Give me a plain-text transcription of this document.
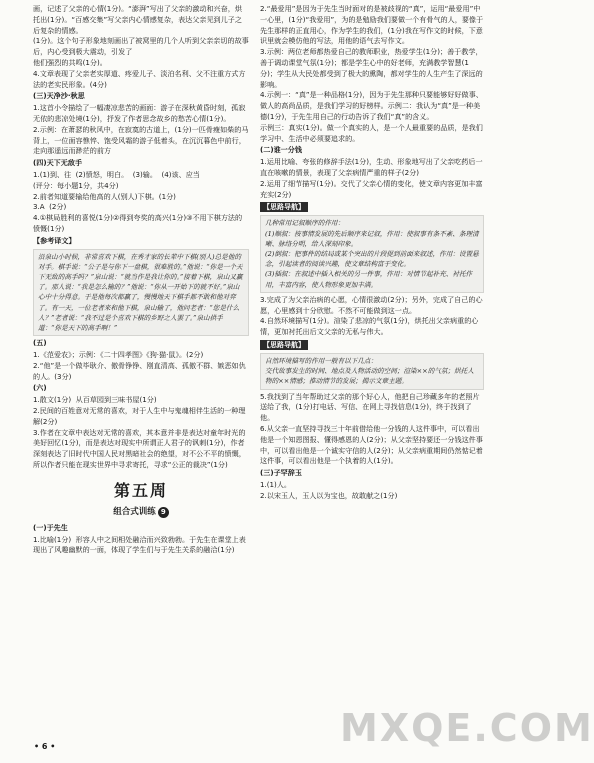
画，记述了父亲的心情(1分)。“澎湃”写出了父亲的激动和兴奋，烘托出(1分)。“百感交集”写父亲内心情感复杂，表达父亲见到儿子之后复杂的情感。

(1分)。这个句子形象地刻画出了被窝里的几个人听到父亲亲切的故事后，内心受到极大震动，引发了

他们强烈的共鸣(1分)。

4.文章表现了父亲老实厚道、疼爱儿子、淡泊名利、父不注重方式方法的老实民形象。(4分)

(三)天净沙·秋思

1.这首小令描绘了一幅凄凉悲苦的画面：游子在深秋黄昏时刻，孤寂无依的悲凉处境(1分)，抒发了作者思念故乡的愁苦心情(1分)。

2.示例：在萧瑟的秋风中，在寂寞的古道上，(1分)一匹骨瘦如柴的马背上，一位面容憔悴、饱受风霜的游子低着头，在沉沉暮色中前行，走向那遥远而渺茫的前方

(四)天下无敌手

1.(1)到、往  (2)愤怒，明白。  (3)输。  (4)该、应当

(评分：每小题1分，共4分)

2.前者知道要输给他高的人(别人)下棋。(1分)

3.A  (2分)

4.①棋局胜利的喜悦(1分)②得到夸奖的高兴(1分)③不用下棋方法的愤慨(1分)

【参考译文】

沿泉山小时候，非常喜欢下棋，在秀才家的长辈中下棋(别人)总是他的对手。棋手说：“公子是与你下一盘棋，很难胜的。”他说：“你是一个天下无敌的高手吗？”泉山说：“就当作是我让你的。”接着下棋，泉山又赢了。那人说：“我是怎么输的？”他说：“你从一开始下的就不好。”泉山心中十分得意。于是他每次都赢了，慢慢地天下棋手都不敢和他对弈了。有一天，一位老者来和他下棋，泉山输了，他问老者：“您是什么人？”老者说：“我不过是个喜欢下棋的乡野之人罢了。”泉山拱手道：“你是天下的高手啊！”

(五)

1.《范爱农》；示例：《二十四孝图》《狗·猫·鼠》。(2分)

2.“他”是一个做毕耿介、傲骨铮铮、刚直清高、孤傲不群、嫉恶如仇的人。(3分)

(六)

1.散文(1分)  从百草园到三味书屋(1分)

2.民间的百姓意对无常的喜欢，对于人生中与鬼魂相伴生活的一种理解(2分)

3.作者在文章中表达对无常的喜欢，其本意并非是表达对童年时光的美好回忆(1分)，而是表达对现实中所谓正人君子的讽刺(1分)，作者深刻表达了旧时代中国人民对黑暗社会的绝望，对不公不平的愤慨，所以作者只能在现实世界中寻求寄托，寻求“公正的裁决”(1分)

第五周
组合式训练 9

(一)于先生

1.比喻(1分)  形容人中之间相处融洽而兴致勃勃。于先生在课堂上表现出了风趣幽默的一面，体现了学生们与于先生关系的融洽(1分)

2.“最爱用”是因为于先生当时面对的是被歧视的“真”，运用“最爱用”中一心里，(1分)“我爱用”，为的是勉励我们要做一个有骨气的人，要像于先生那样的正直用心，作为学生的我们，(1分)我在写作文的时候，下意识里就会模仿他的写法，用他的语气去写作文。

3.示例：两位老师都热爱自己的教师职业，热爱学生(1分)；善于教学，善于调动课堂气氛(1分)；都是学生心中的好老师，充满教学智慧(1分)；学生从大民处都受到了极大的熏陶，都对学生的人生产生了深远的影响。

4.示例一：“真”是一种品格(1分)，因为于先生那种只要能够好好做事、做人的高尚品质，是我们学习的好榜样。示例二：我认为“真”是一种美德(1分)，于先生用自己的行动告诉了我们“真”的含义。

示例三：真实(1分)。做一个真实的人，是一个人最重要的品质，是我们学习中、生活中必须要追求的。

(二)谁一分钱

1.运用比喻、夸张的修辞手法(1分)，生动、形象地写出了父亲吃药后一直在咳嗽的情景，表现了父亲病情严重的样子(2分)

2.运用了细节描写(1分)。交代了父亲心情的变化，使文章内容更加丰富充实(2分)

【思路导航】

几种常用记叙顺序的作用：

(1)顺叙：按事情发展的先后顺序来记叙，作用：使叙事有条不紊、条理清晰、脉络分明，给人深刻印象。

(2)倒叙：把事件的结局或某个突出的片段提到前面来叙述，作用：设置悬念，引起读者的阅读兴趣，使文章结构富于变化。

(3)插叙：在叙述中插入相关的另一件事，作用：对情节起补充、衬托作用，丰富内容，使人物形象更加丰满。

3.完成了为父亲治病的心愿，心情很激动(2分)；另外，完成了自己的心愿，心里感到十分欣慰。不然不可能做到这一点。

4.自然环境描写(1分)。渲染了悲凉的气氛(1分)，烘托出父亲病重的心情，更加衬托出后文父亲的无私与伟大。

【思路导航】

自然环境描写的作用一般有以下几点：

交代故事发生的时间、地点及人物活动的空间；渲染××的气氛；烘托人物的××情感；推动情节的发展；揭示文章主题。

5.我找到了当年帮助过父亲的那个好心人，他把自己珍藏多年的老照片送给了我，(1分)打电话、写信、在网上寻找信息(1分)，终于找到了他。

6.从父亲一直坚持寻找三十年前借给他一分钱的人这件事中，可以看出他是一个知恩图报、懂得感恩的人(2分)；从父亲坚持要还一分钱这件事中，可以看出他是一个诚实守信的人(2分)；从父亲病重期间仍然惦记着这件事，可以看出他是一个执着的人(1分)。

(三)子罕辞玉

1.(1)人。

2.以宋玉人，玉人以为宝也，故敢献之(1分)

• 6 •	MXQE.COM
